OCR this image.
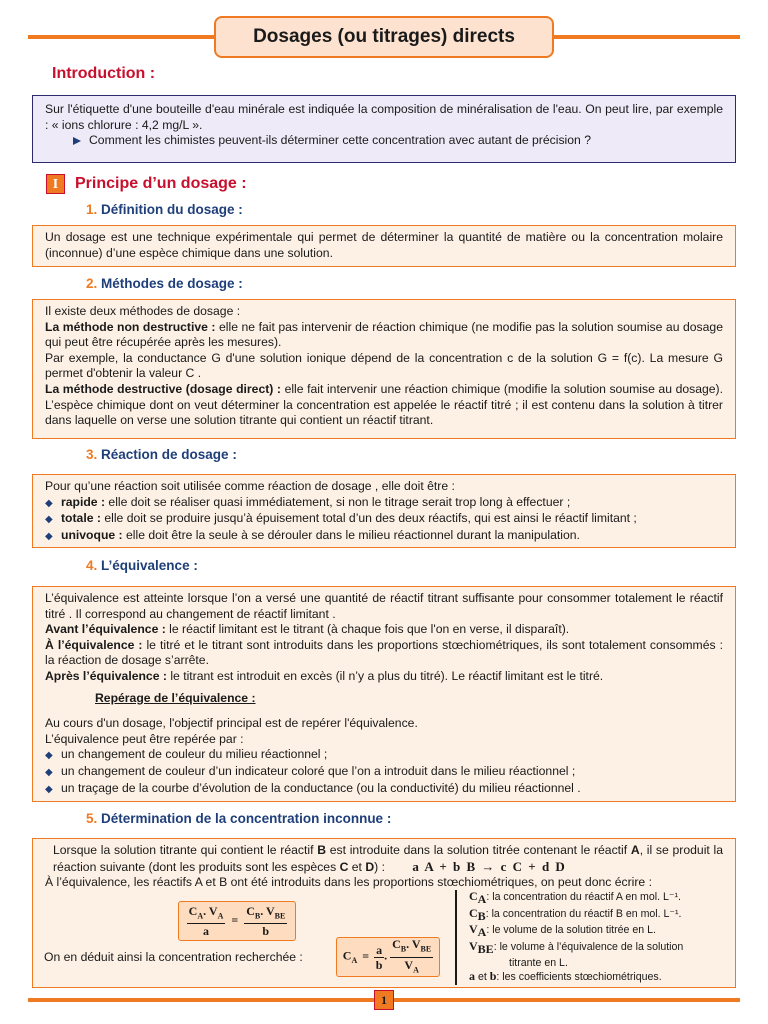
Dosages (ou titrages) directs
Introduction :

Sur l'étiquette d'une bouteille d'eau minérale est indiquée la composition de minéralisation de l'eau. On peut lire, par exemple : « ions chlorure : 4,2 mg/L ».

Comment les chimistes peuvent-ils déterminer cette concentration avec autant de précision ?
I Principe d’un dosage :
1. Définition du dosage :

Un dosage est une technique expérimentale qui permet de déterminer la quantité de matière ou la concentration molaire (inconnue) d’une espèce chimique dans une solution.

2. Méthodes de dosage :

Il existe deux méthodes de dosage :

La méthode non destructive : elle ne fait pas intervenir de réaction chimique (ne modifie pas la solution soumise au dosage qui peut être récupérée après les mesures).

Par exemple, la conductance G d'une solution ionique dépend de la concentration c de la solution G = f(c). La mesure G permet d'obtenir la valeur C .

La méthode destructive (dosage direct) : elle fait intervenir une réaction chimique (modifie la solution soumise au dosage). L’espèce chimique dont on veut déterminer la concentration est appelée le réactif titré ; il est contenu dans la solution à titrer dans laquelle on verse une solution titrante qui contient un réactif titrant.

3. Réaction de dosage :

Pour qu’une réaction soit utilisée comme réaction de dosage , elle doit être :

◆ rapide : elle doit se réaliser quasi immédiatement, si non le titrage serait trop long à effectuer ;
◆ totale : elle doit se produire jusqu’à épuisement total d’un des deux réactifs, qui est ainsi le réactif limitant ;
◆ univoque : elle doit être la seule à se dérouler dans le milieu réactionnel durant la manipulation.
4. L’équivalence :

L’équivalence est atteinte lorsque l’on a versé une quantité de réactif titrant suffisante pour consommer totalement le réactif titré . Il correspond au changement de réactif limitant .

Avant l’équivalence : le réactif limitant est le titrant (à chaque fois que l'on en verse, il disparaît).

À l’équivalence : le titré et le titrant sont introduits dans les proportions stœchiométriques, ils sont totalement consommés : la réaction de dosage s’arrête.

Après l’équivalence : le titrant est introduit en excès (il n’y a plus du titré). Le réactif limitant est le titré.

Repérage de l’équivalence :

Au cours d'un dosage, l'objectif principal est de repérer l'équivalence.

L’équivalence peut être repérée par :

◆ un changement de couleur du milieu réactionnel ;
◆ un changement de couleur d’un indicateur coloré que l’on a introduit dans le milieu réactionnel ;
◆ un traçage de la courbe d’évolution de la conductance (ou la conductivité) du milieu réactionnel .
5. Détermination de la concentration inconnue :

Lorsque la solution titrante qui contient le réactif B est introduite dans la solution titrée contenant le réactif A, il se produit la réaction suivante (dont les produits sont les espèces C et D) : a A + b B → c C + d D

À l’équivalence, les réactifs A et B ont été introduits dans les proportions stœchiométriques, on peut donc écrire :

$\frac{C_A. V_A}{a} = \frac{C_B. V_{BE}}{b}$
On en déduit ainsi la concentration recherchée :	$C_A = \frac{a}{b}$ . $\frac{C_B. V_{BE}}{V_A}$
$C_A$: la concentration du réactif A en mol. L⁻¹.
$C_B$: la concentration du réactif B en mol. L⁻¹.
$V_A$: le volume de la solution titrée en L.
$V_{BE}$: le volume à l’équivalence de la solution
titrante en L.
a et b: les coefficients stœchiométriques.
1
